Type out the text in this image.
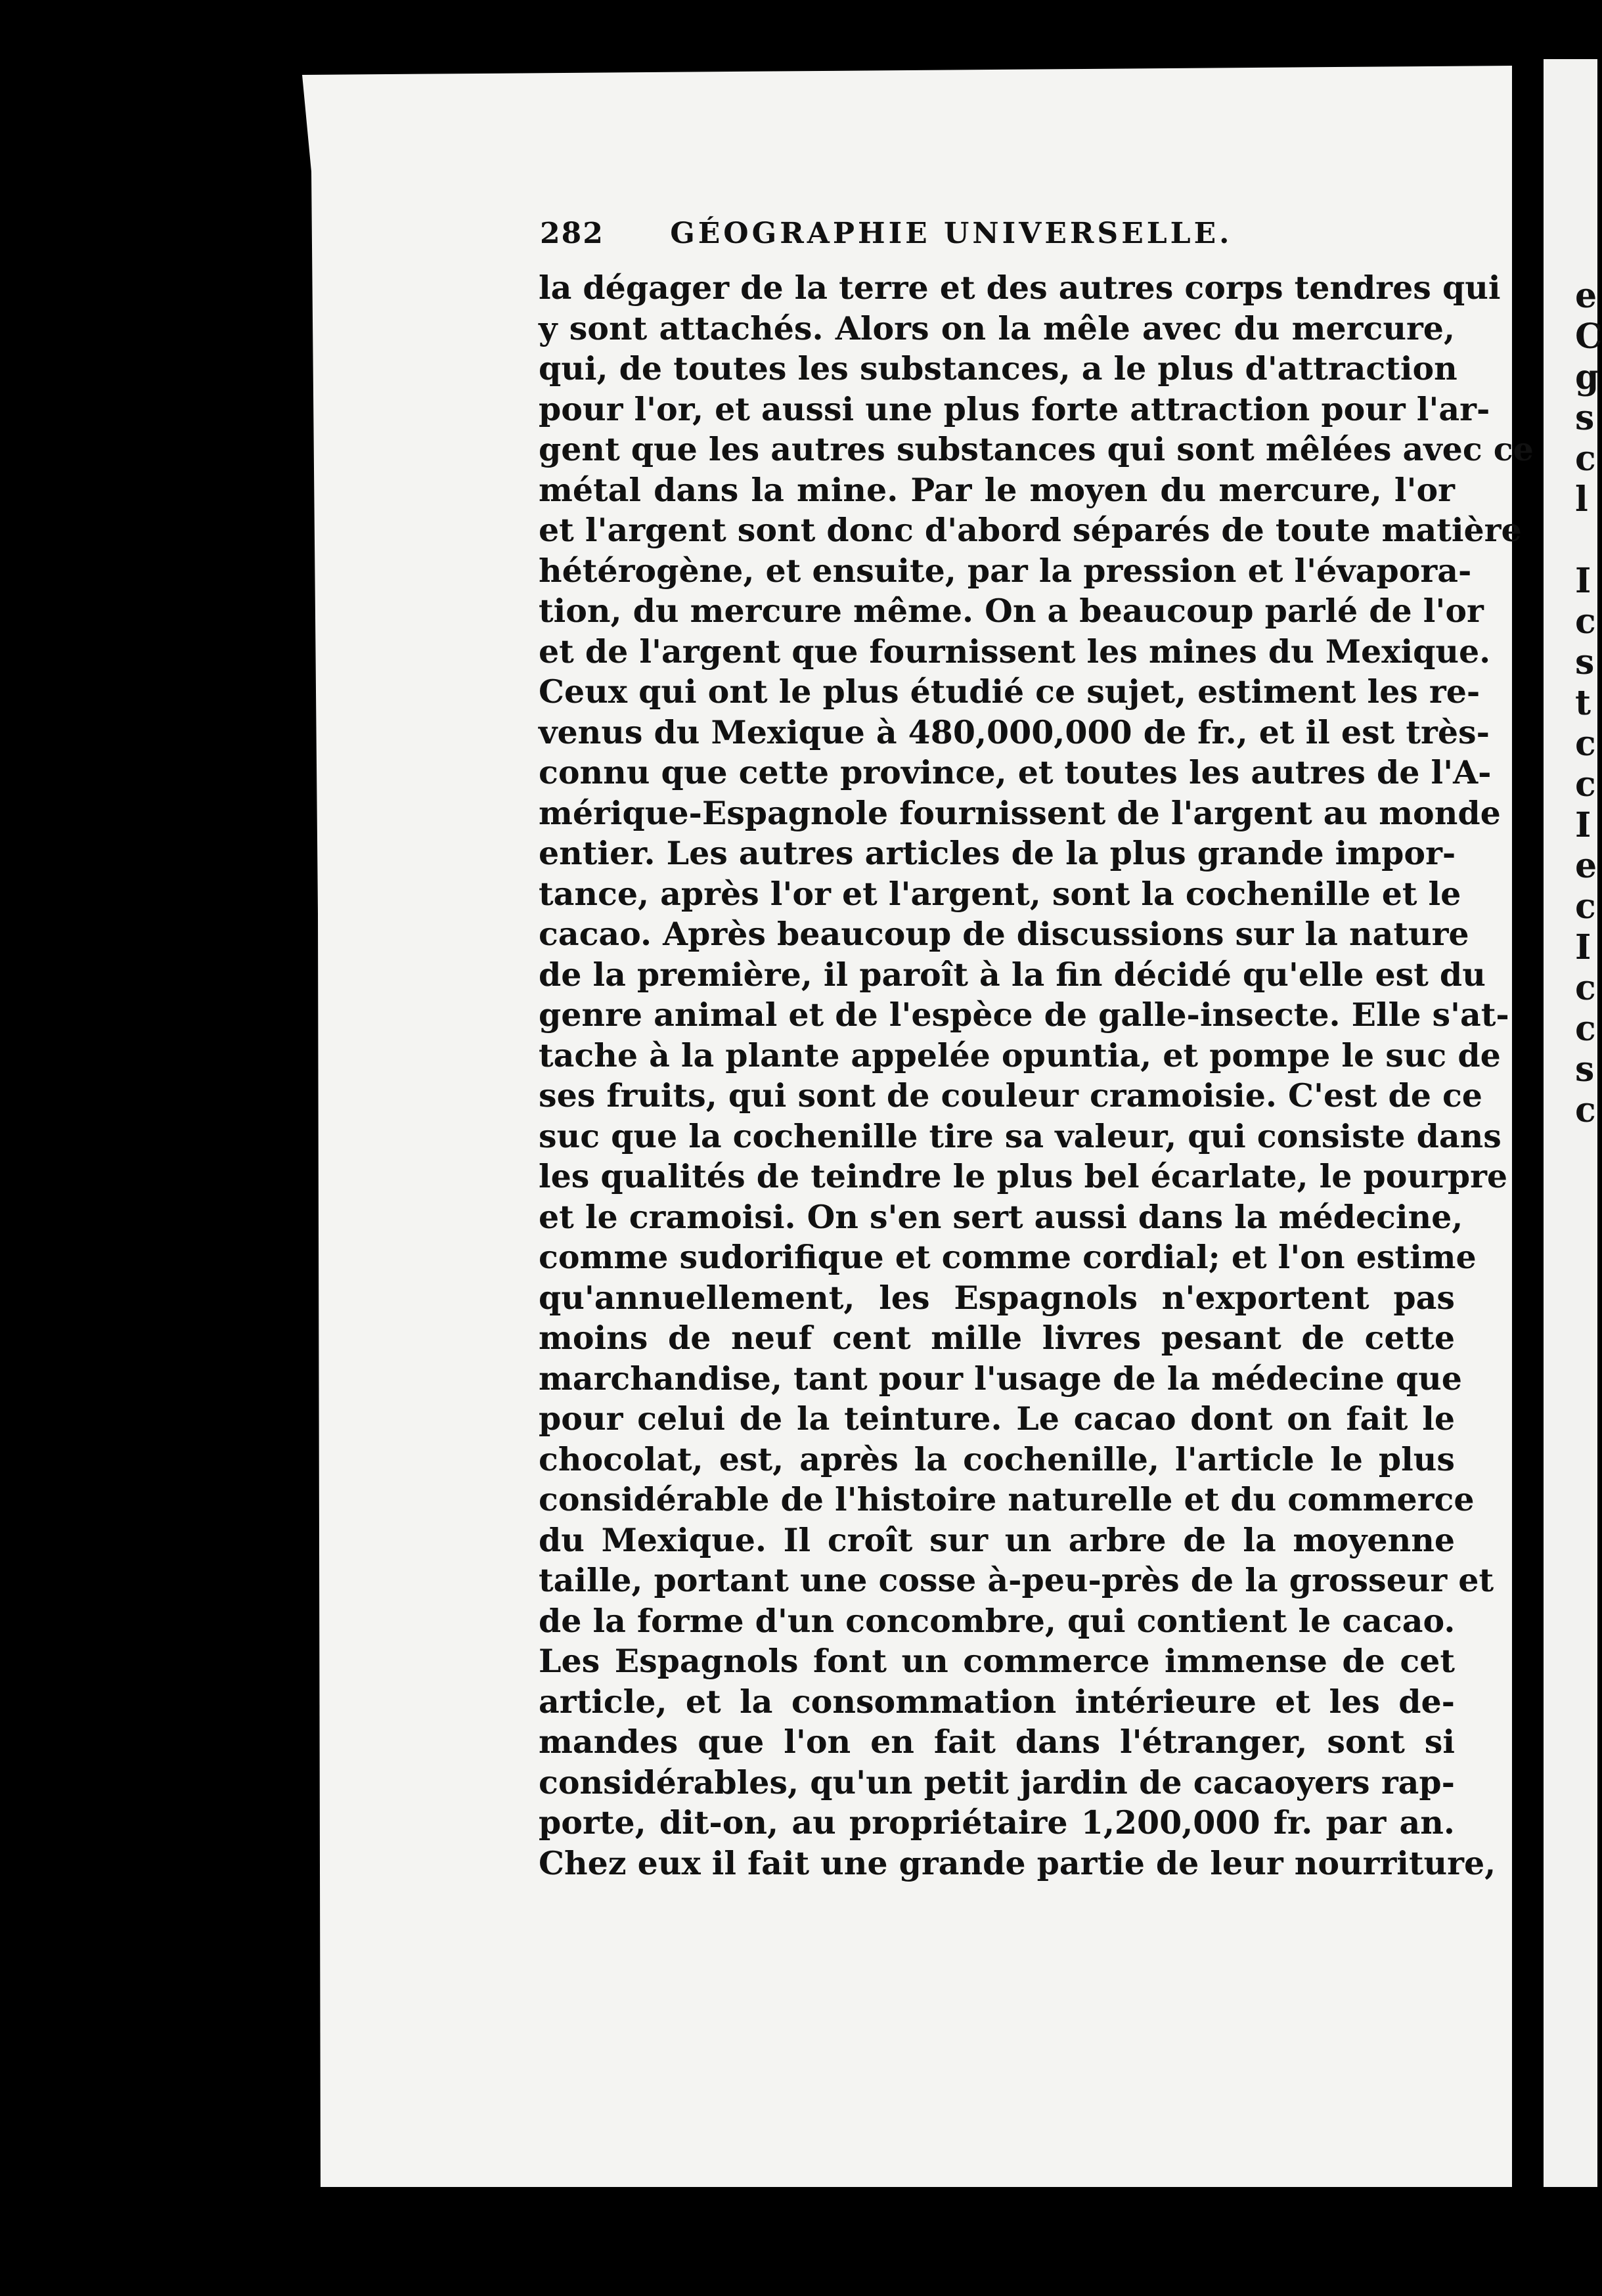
e
C
g
s
c
l
I
c
s
t
c
c
I
e
c
I
c
c
s
c
282 GÉOGRAPHIE UNIVERSELLE.
la dégager de la terre et des autres corps tendres qui
y sont attachés. Alors on la mêle avec du mercure,
qui, de toutes les substances, a le plus d'attraction
pour l'or, et aussi une plus forte attraction pour l'ar-
gent que les autres substances qui sont mêlées avec ce
métal dans la mine. Par le moyen du mercure, l'or
et l'argent sont donc d'abord séparés de toute matière
hétérogène, et ensuite, par la pression et l'évapora-
tion, du mercure même. On a beaucoup parlé de l'or
et de l'argent que fournissent les mines du Mexique.
Ceux qui ont le plus étudié ce sujet, estiment les re-
venus du Mexique à 480,000,000 de fr., et il est très-
connu que cette province, et toutes les autres de l'A-
mérique-Espagnole fournissent de l'argent au monde
entier. Les autres articles de la plus grande impor-
tance, après l'or et l'argent, sont la cochenille et le
cacao. Après beaucoup de discussions sur la nature
de la première, il paroît à la fin décidé qu'elle est du
genre animal et de l'espèce de galle-insecte. Elle s'at-
tache à la plante appelée opuntia, et pompe le suc de
ses fruits, qui sont de couleur cramoisie. C'est de ce
suc que la cochenille tire sa valeur, qui consiste dans
les qualités de teindre le plus bel écarlate, le pourpre
et le cramoisi. On s'en sert aussi dans la médecine,
comme sudorifique et comme cordial; et l'on estime
qu'annuellement, les Espagnols n'exportent pas
moins de neuf cent mille livres pesant de cette
marchandise, tant pour l'usage de la médecine que
pour celui de la teinture. Le cacao dont on fait le
chocolat, est, après la cochenille, l'article le plus
considérable de l'histoire naturelle et du commerce
du Mexique. Il croît sur un arbre de la moyenne
taille, portant une cosse à-peu-près de la grosseur et
de la forme d'un concombre, qui contient le cacao.
Les Espagnols font un commerce immense de cet
article, et la consommation intérieure et les de-
mandes que l'on en fait dans l'étranger, sont si
considérables, qu'un petit jardin de cacaoyers rap-
porte, dit-on, au propriétaire 1,200,000 fr. par an.
Chez eux il fait une grande partie de leur nourriture,
